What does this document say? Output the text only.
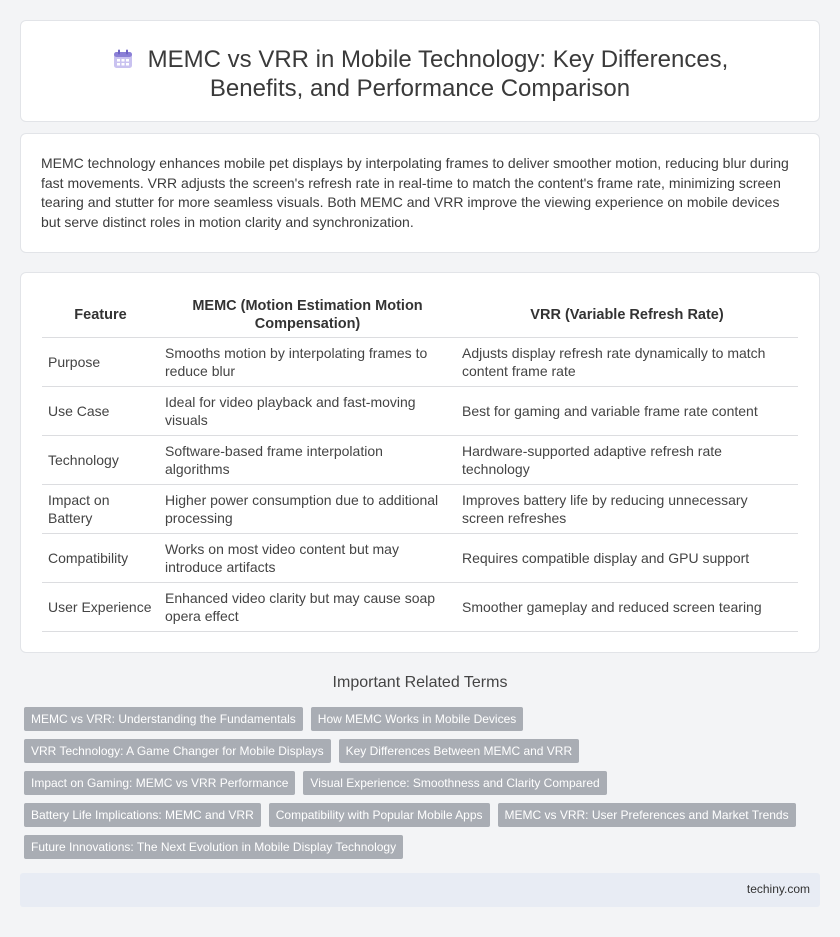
MEMC vs VRR in Mobile Technology: Key Differences, Benefits, and Performance Comparison

MEMC technology enhances mobile pet displays by interpolating frames to deliver smoother motion, reducing blur during fast movements. VRR adjusts the screen's refresh rate in real-time to match the content's frame rate, minimizing screen tearing and stutter for more seamless visuals. Both MEMC and VRR improve the viewing experience on mobile devices but serve distinct roles in motion clarity and synchronization.

Feature	MEMC (Motion Estimation Motion Compensation)	VRR (Variable Refresh Rate)
Purpose	Smooths motion by interpolating frames to reduce blur	Adjusts display refresh rate dynamically to match content frame rate
Use Case	Ideal for video playback and fast-moving visuals	Best for gaming and variable frame rate content
Technology	Software-based frame interpolation algorithms	Hardware-supported adaptive refresh rate technology
Impact on Battery	Higher power consumption due to additional processing	Improves battery life by reducing unnecessary screen refreshes
Compatibility	Works on most video content but may introduce artifacts	Requires compatible display and GPU support
User Experience	Enhanced video clarity but may cause soap opera effect	Smoother gameplay and reduced screen tearing
Important Related Terms
MEMC vs VRR: Understanding the Fundamentals	How MEMC Works in Mobile Devices
VRR Technology: A Game Changer for Mobile Displays	Key Differences Between MEMC and VRR
Impact on Gaming: MEMC vs VRR Performance	Visual Experience: Smoothness and Clarity Compared
Battery Life Implications: MEMC and VRR	Compatibility with Popular Mobile Apps	MEMC vs VRR: User Preferences and Market Trends
Future Innovations: The Next Evolution in Mobile Display Technology
techiny.com
